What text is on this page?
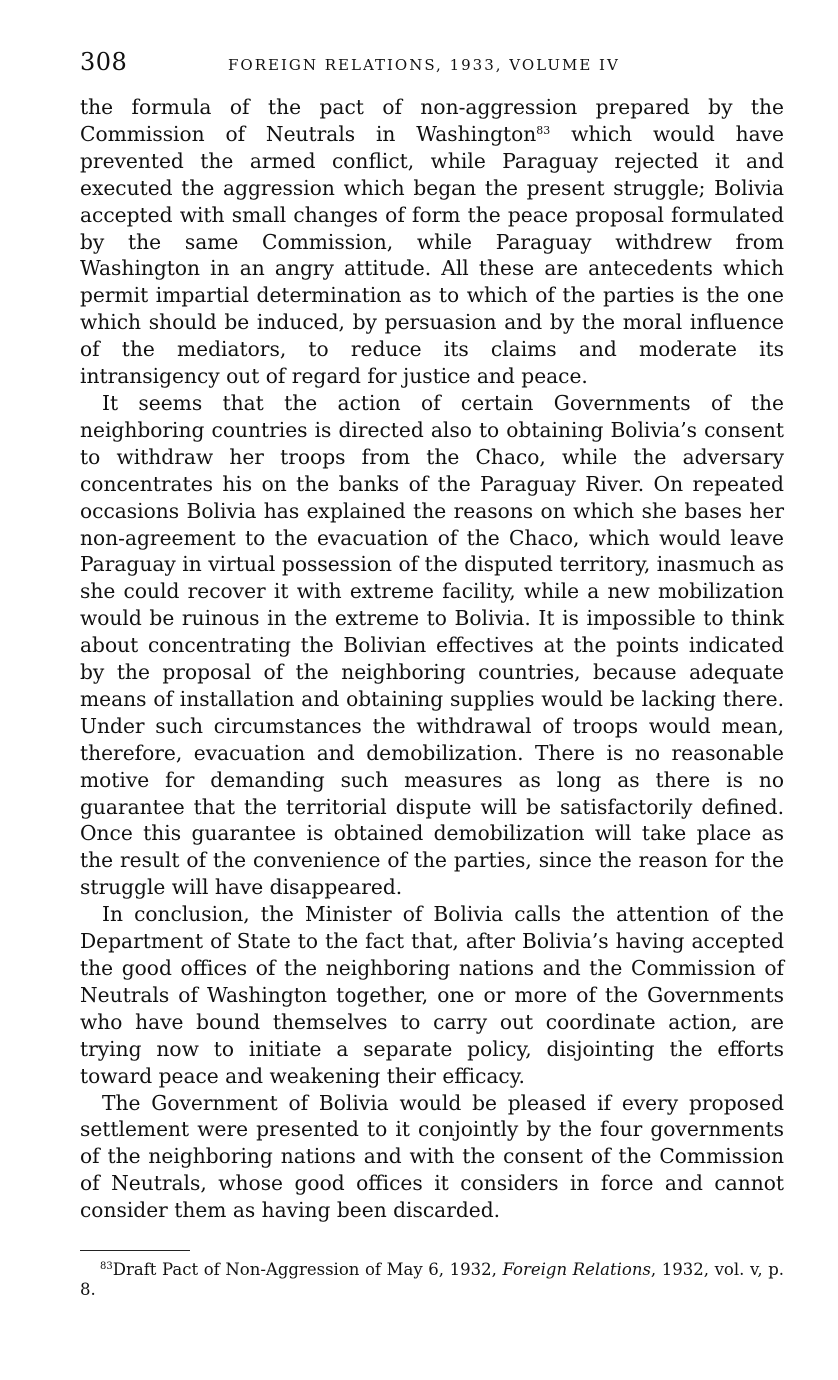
308	FOREIGN RELATIONS, 1933, VOLUME IV

the formula of the pact of non-aggression prepared by the Commission of Neutrals in Washington$^{83}$ which would have prevented the armed conflict, while Paraguay rejected it and executed the aggression which began the present struggle; Bolivia accepted with small changes of form the peace proposal formulated by the same Commission, while Paraguay withdrew from Washington in an angry attitude. All these are antecedents which permit impartial determination as to which of the parties is the one which should be induced, by persuasion and by the moral influence of the mediators, to reduce its claims and moderate its intransigency out of regard for justice and peace.

It seems that the action of certain Governments of the neighboring countries is directed also to obtaining Bolivia’s consent to withdraw her troops from the Chaco, while the adversary concentrates his on the banks of the Paraguay River. On repeated occasions Bolivia has explained the reasons on which she bases her non-agreement to the evacuation of the Chaco, which would leave Paraguay in virtual possession of the disputed territory, inasmuch as she could recover it with extreme facility, while a new mobilization would be ruinous in the extreme to Bolivia. It is impossible to think about concentrating the Bolivian effectives at the points indicated by the proposal of the neighboring countries, because adequate means of installation and obtaining supplies would be lacking there. Under such circumstances the withdrawal of troops would mean, therefore, evacuation and demobilization. There is no reasonable motive for demanding such measures as long as there is no guarantee that the territorial dispute will be satisfactorily defined. Once this guarantee is obtained demobilization will take place as the result of the convenience of the parties, since the reason for the struggle will have disappeared.

In conclusion, the Minister of Bolivia calls the attention of the Department of State to the fact that, after Bolivia’s having accepted the good offices of the neighboring nations and the Commission of Neutrals of Washington together, one or more of the Governments who have bound themselves to carry out coordinate action, are trying now to initiate a separate policy, disjointing the efforts toward peace and weakening their efficacy.

The Government of Bolivia would be pleased if every proposed settlement were presented to it conjointly by the four governments of the neighboring nations and with the consent of the Commission of Neutrals, whose good offices it considers in force and cannot consider them as having been discarded.

$^{83}$Draft Pact of Non-Aggression of May 6, 1932, Foreign Relations, 1932, vol. v, p. 8.
